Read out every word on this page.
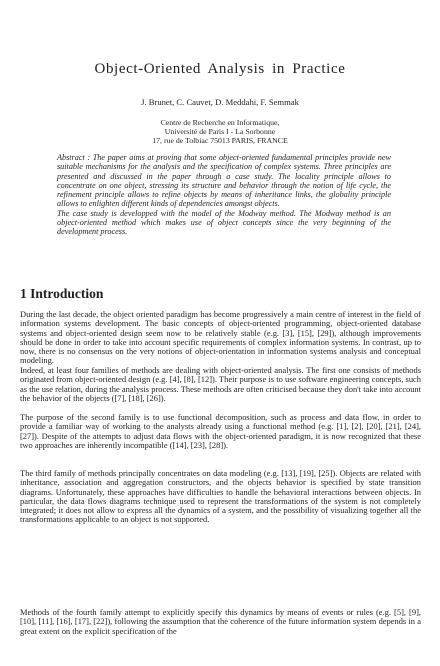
Object-Oriented Analysis in Practice
J. Brunet, C. Cauvet, D. Meddahi, F. Semmak
Centre de Recherche en Informatique,
Université de Paris I - La Sorbonne
17, rue de Tolbiac 75013 PARIS, FRANCE

Abstract : The paper aims at proving that some object-oriented fundamental principles provide new suitable mechanisms for the analysis and the specification of complex systems. Three principles are presented and discussed in the paper through a case study. The locality principle allows to concentrate on one object, stressing its structure and behavior through the notion of life cycle, the refinement principle allows to refine objects by means of inheritance links, the globality principle allows to enlighten different kinds of dependencies amongst objects.

The case study is developped with the model of the Modway method. The Modway method is an object-oriented method which makes use of object concepts since the very beginning of the development process.

1 Introduction

During the last decade, the object oriented paradigm has become progressively a main centre of interest in the field of information systems development. The basic concepts of object-oriented programming, object-oriented database systems and object-oriented design seem now to be relatively stable (e.g. [3], [15], [29]), although improvements should be done in order to take into account specific requirements of complex information systems. In contrast, up to now, there is no consensus on the very notions of object-orientation in information systems analysis and conceptual modeling.

Indeed, at least four families of methods are dealing with object-oriented analysis. The first one consists of methods originated from object-oriented design (e.g. [4], [8], [12]). Their purpose is to use software engineering concepts, such as the use relation, during the analysis process. These methods are often criticised because they don't take into account the behavior of the objects ([7], [18], [26]).

The purpose of the second family is to use functional decomposition, such as process and data flow, in order to provide a familiar way of working to the analysts already using a functional method (e.g. [1], [2], [20], [21], [24], [27]). Despite of the attempts to adjust data flows with the object-oriented paradigm, it is now recognized that these two approaches are inherently incompatible ([14], [23], [28]).

The third family of methods principally concentrates on data modeling (e.g. [13], [19], [25]). Objects are related with inheritance, association and aggregation constructors, and the objects behavior is specified by state transition diagrams. Unfortunately, these approaches have difficulties to handle the behavioral interactions between objects. In particular, the data flows diagrams technique used to represent the transformations of the system is not completely integrated; it does not allow to express all the dynamics of a system, and the possibility of visualizing together all the transformations applicable to an object is not supported.

Methods of the fourth family attempt to explicitly specify this dynamics by means of events or rules (e.g. [5], [9], [10], [11], [16], [17], [22]), following the assumption that the coherence of the future information system depends in a great extent on the explicit specification of the
